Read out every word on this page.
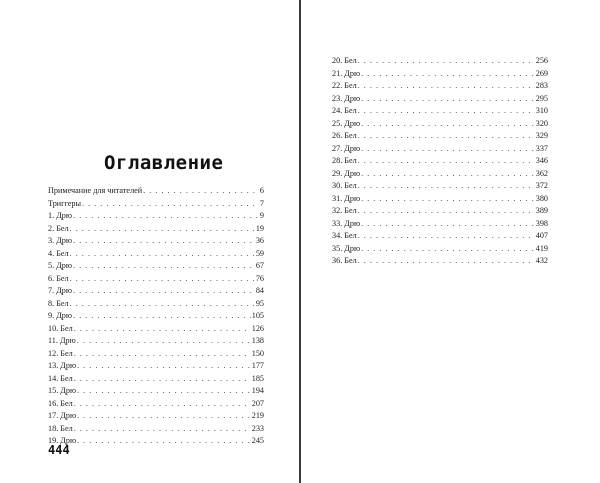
Оглавление
Примечание для читателей . . .	6
Триггеры . . .	7
1. Дрю . . .	9
2. Бел . . .	19
3. Дрю . . .	36
4. Бел . . .	59
5. Дрю . . .	67
6. Бел . . .	76
7. Дрю . . .	84
8. Бел . . .	95
9. Дрю . . .	105
10. Бел . . .	126
11. Дрю . . .	138
12. Бел . . .	150
13. Дрю . . .	177
14. Бел . . .	185
15. Дрю . . .	194
16. Бел . . .	207
17. Дрю . . .	219
18. Бел . . .	233
19. Дрю . . .	245
444
20. Бел . . .	256
21. Дрю . . .	269
22. Бел . . .	283
23. Дрю . . .	295
24. Бел . . .	310
25. Дрю . . .	320
26. Бел . . .	329
27. Дрю . . .	337
28. Бел . . .	346
29. Дрю . . .	362
30. Бел . . .	372
31. Дрю . . .	380
32. Бел . . .	389
33. Дрю . . .	398
34. Бел . . .	407
35. Дрю . . .	419
36. Бел . . .	432
